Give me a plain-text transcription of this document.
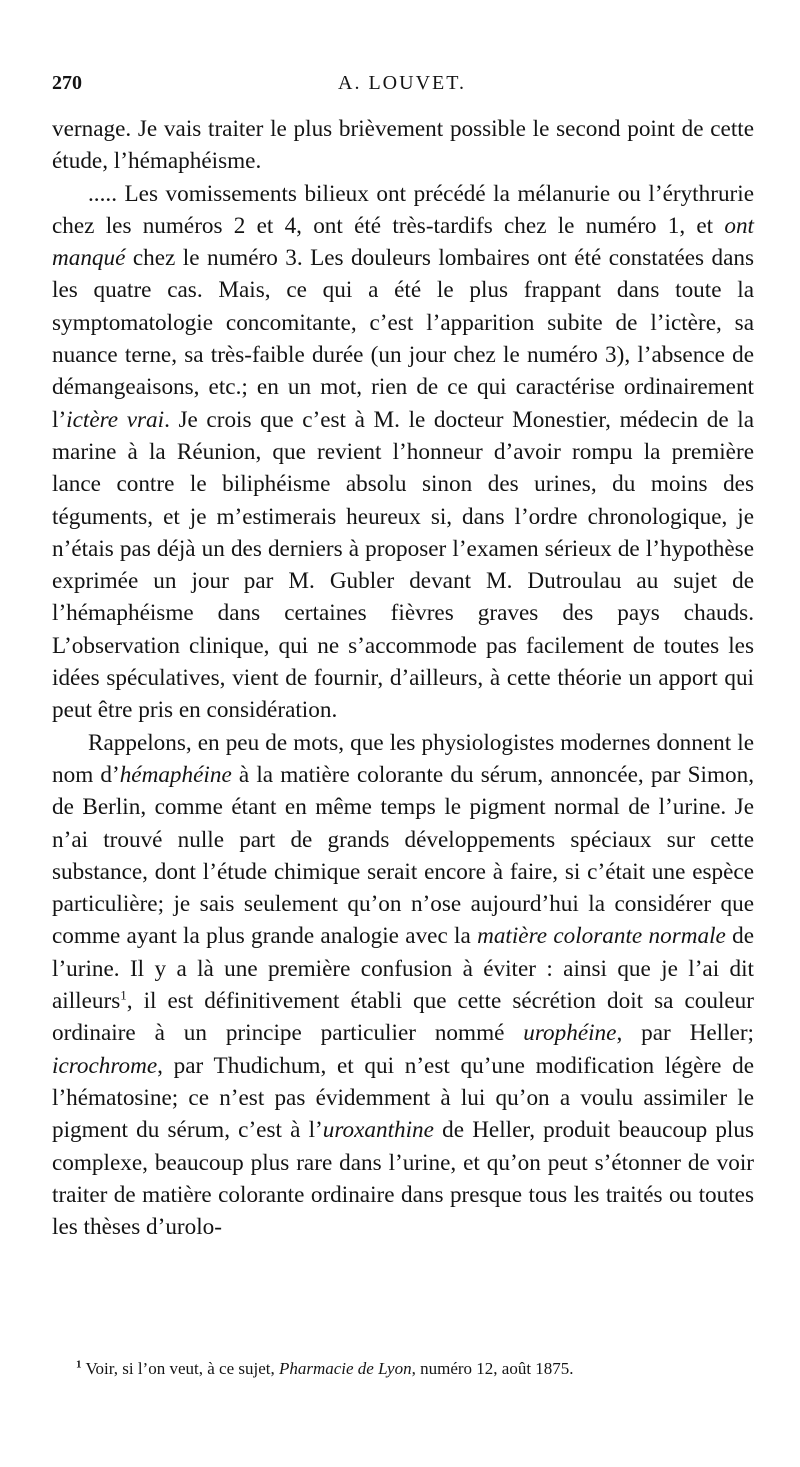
270	A. LOUVET.

vernage. Je vais traiter le plus brièvement possible le second point de cette étude, l’hémaphéisme.

..... Les vomissements bilieux ont précédé la mélanurie ou l’érythrurie chez les numéros 2 et 4, ont été très-tardifs chez le numéro 1, et ont manqué chez le numéro 3. Les douleurs lombaires ont été constatées dans les quatre cas. Mais, ce qui a été le plus frappant dans toute la symptomatologie concomitante, c’est l’apparition subite de l’ictère, sa nuance terne, sa très-faible durée (un jour chez le numéro 3), l’absence de démangeaisons, etc.; en un mot, rien de ce qui caractérise ordinairement l’ictère vrai. Je crois que c’est à M. le docteur Monestier, médecin de la marine à la Réunion, que revient l’honneur d’avoir rompu la première lance contre le biliphéisme absolu sinon des urines, du moins des téguments, et je m’estimerais heureux si, dans l’ordre chronologique, je n’étais pas déjà un des derniers à proposer l’examen sérieux de l’hypothèse exprimée un jour par M. Gubler devant M. Dutroulau au sujet de l’hémaphéisme dans certaines fièvres graves des pays chauds. L’observation clinique, qui ne s’accommode pas facilement de toutes les idées spéculatives, vient de fournir, d’ailleurs, à cette théorie un apport qui peut être pris en considération.

Rappelons, en peu de mots, que les physiologistes modernes donnent le nom d’hémaphéine à la matière colorante du sérum, annoncée, par Simon, de Berlin, comme étant en même temps le pigment normal de l’urine. Je n’ai trouvé nulle part de grands développements spéciaux sur cette substance, dont l’étude chimique serait encore à faire, si c’était une espèce particulière; je sais seulement qu’on n’ose aujourd’hui la considérer que comme ayant la plus grande analogie avec la matière colorante normale de l’urine. Il y a là une première confusion à éviter : ainsi que je l’ai dit ailleurs$^1$, il est définitivement établi que cette sécrétion doit sa couleur ordinaire à un principe particulier nommé urophéine, par Heller; icrochrome, par Thudichum, et qui n’est qu’une modification légère de l’hématosine; ce n’est pas évidemment à lui qu’on a voulu assimiler le pigment du sérum, c’est à l’uroxanthine de Heller, produit beaucoup plus complexe, beaucoup plus rare dans l’urine, et qu’on peut s’étonner de voir traiter de matière colorante ordinaire dans presque tous les traités ou toutes les thèses d’urolo-

$^1$ Voir, si l’on veut, à ce sujet, Pharmacie de Lyon, numéro 12, août 1875.
